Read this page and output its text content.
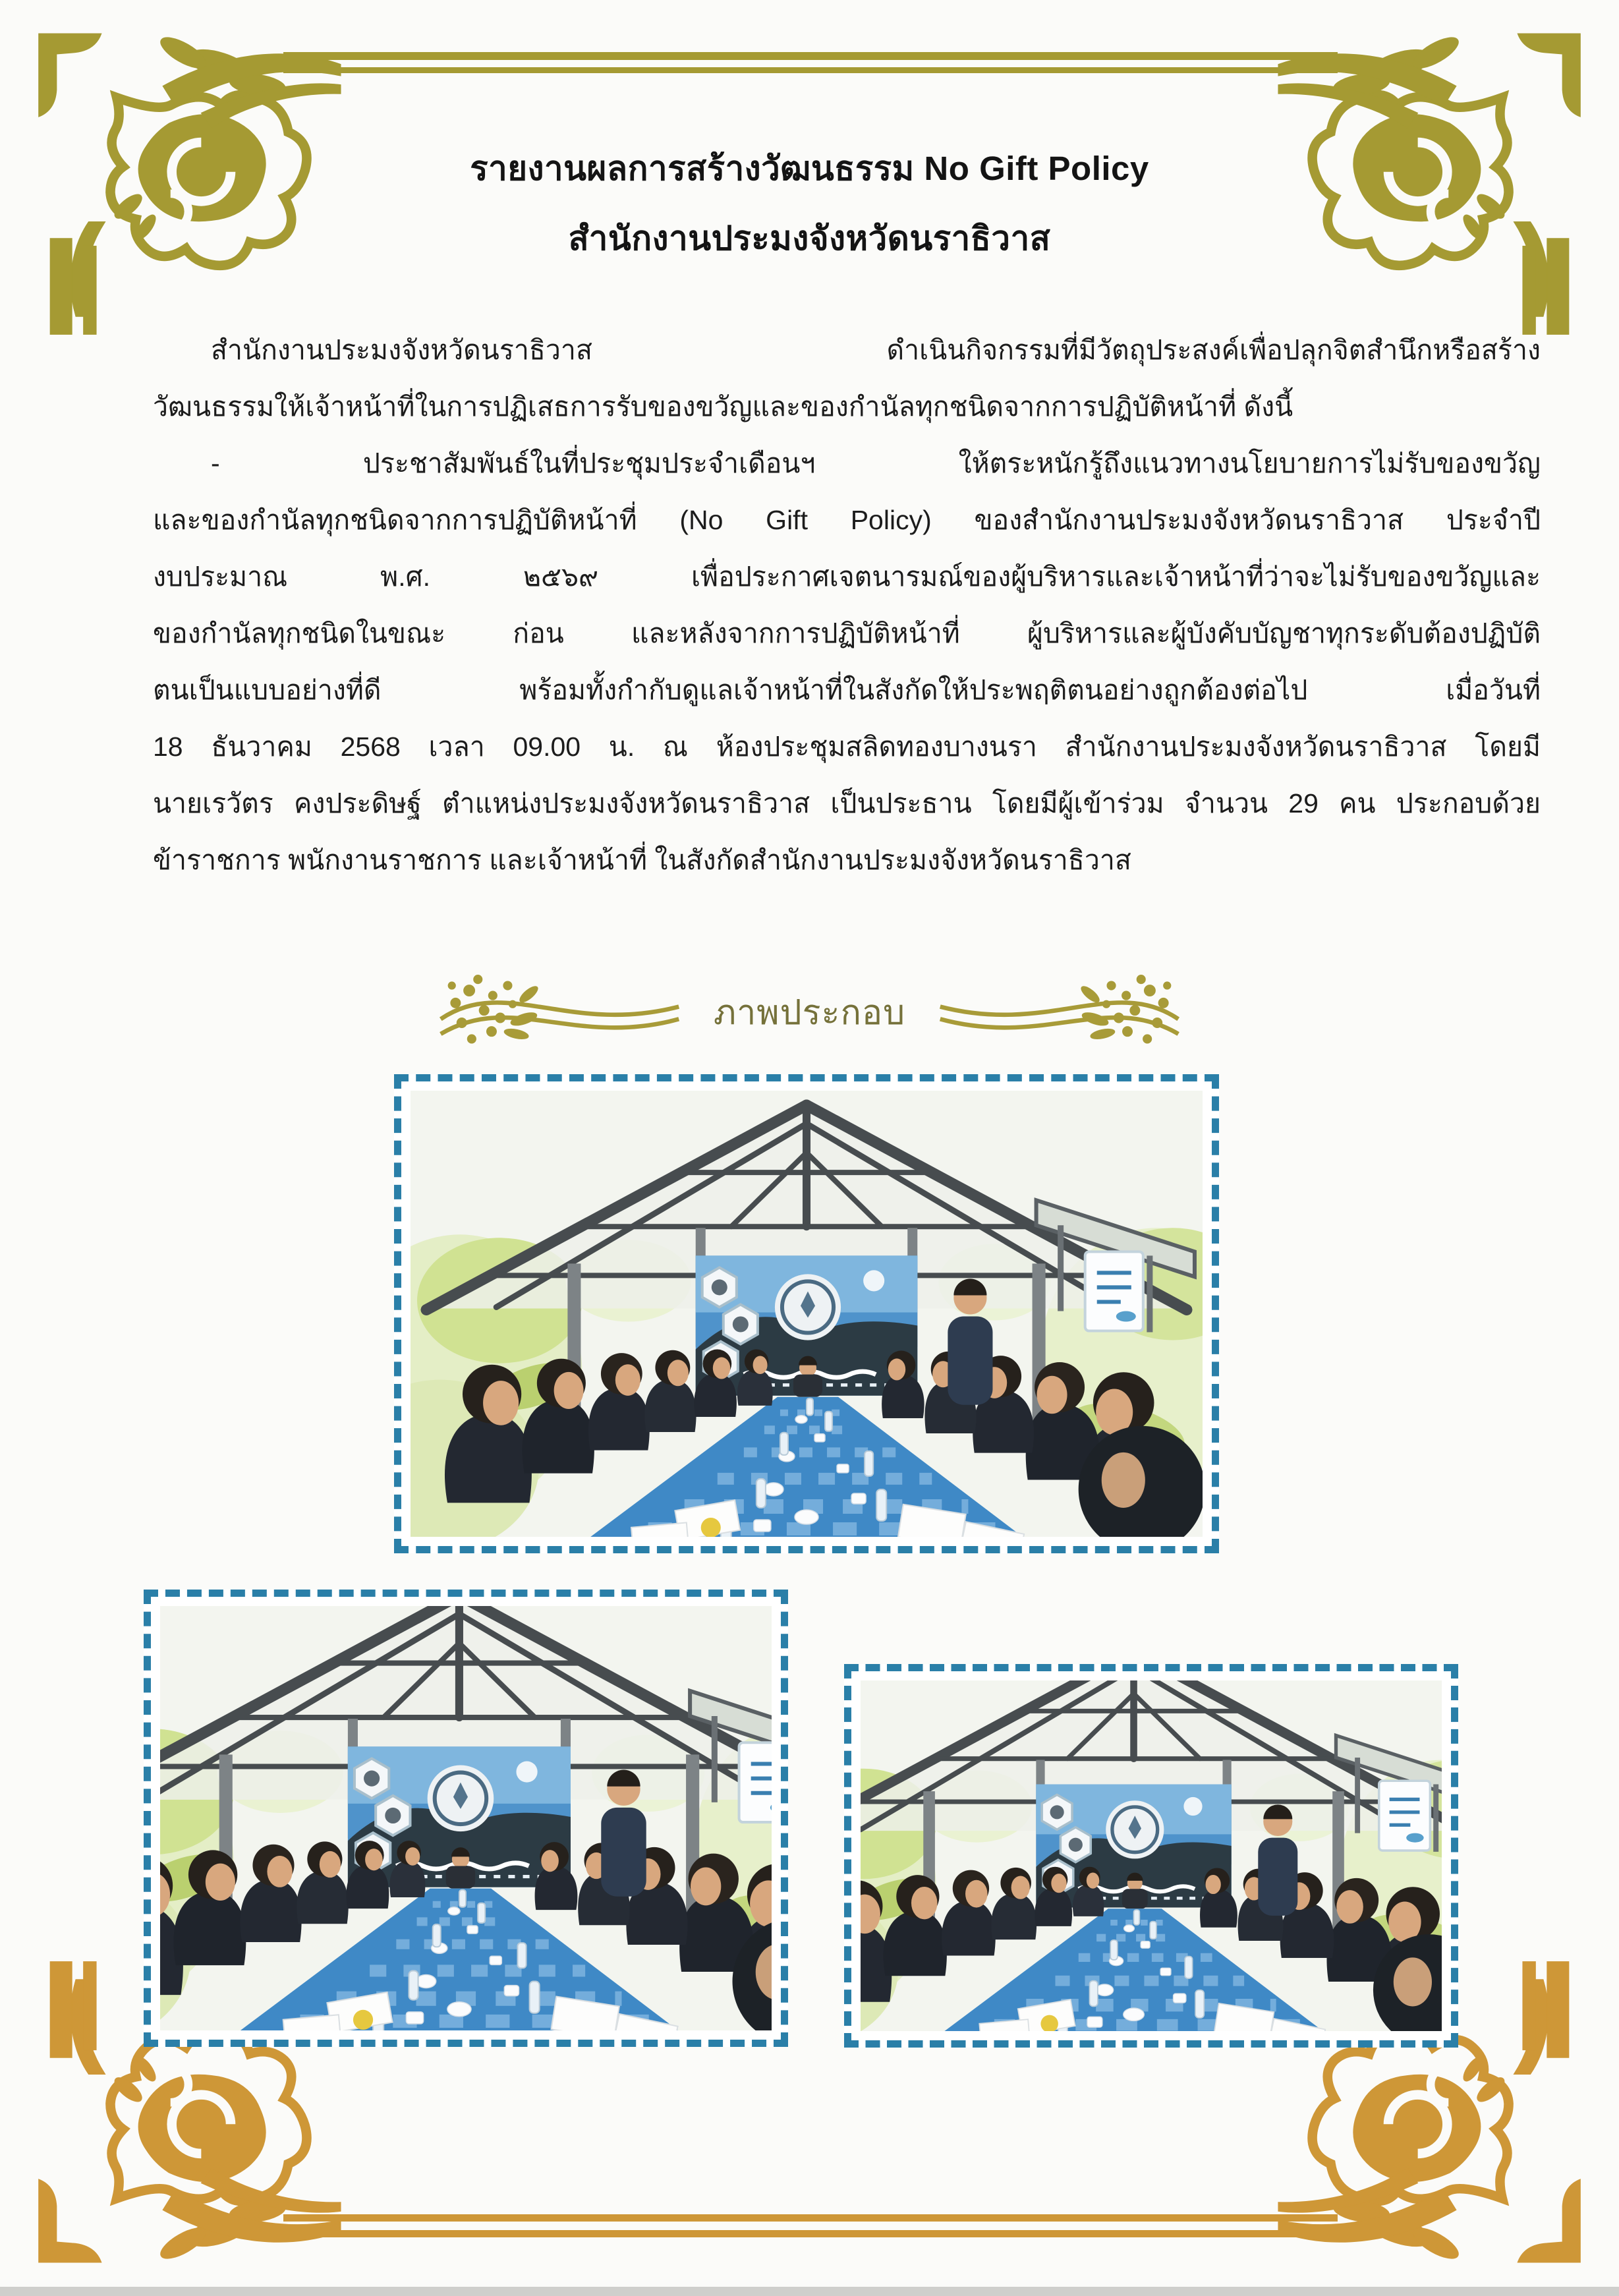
รายงานผลการสร้างวัฒนธรรม No Gift Policy
สำนักงานประมงจังหวัดนราธิวาส
สำนักงานประมงจังหวัดนราธิวาส ดำเนินกิจกรรมที่มีวัตถุประสงค์เพื่อปลุกจิตสำนึกหรือสร้าง
วัฒนธรรมให้เจ้าหน้าที่ในการปฏิเสธการรับของขวัญและของกำนัลทุกชนิดจากการปฏิบัติหน้าที่ ดังนี้
- ประชาสัมพันธ์ในที่ประชุมประจำเดือนฯ ให้ตระหนักรู้ถึงแนวทางนโยบายการไม่รับของขวัญ
และของกำนัลทุกชนิดจากการปฏิบัติหน้าที่ (No Gift Policy) ของสำนักงานประมงจังหวัดนราธิวาส ประจำปี
งบประมาณ พ.ศ. ๒๕๖๙ เพื่อประกาศเจตนารมณ์ของผู้บริหารและเจ้าหน้าที่ว่าจะไม่รับของขวัญและ
ของกำนัลทุกชนิดในขณะ ก่อน และหลังจากการปฏิบัติหน้าที่ ผู้บริหารและผู้บังคับบัญชาทุกระดับต้องปฏิบัติ
ตนเป็นแบบอย่างที่ดี พร้อมทั้งกำกับดูแลเจ้าหน้าที่ในสังกัดให้ประพฤติตนอย่างถูกต้องต่อไป เมื่อวันที่
18 ธันวาคม 2568 เวลา 09.00 น. ณ ห้องประชุมสลิดทองบางนรา สำนักงานประมงจังหวัดนราธิวาส โดยมี
นายเรวัตร คงประดิษฐ์ ตำแหน่งประมงจังหวัดนราธิวาส เป็นประธาน โดยมีผู้เข้าร่วม จำนวน 29 คน ประกอบด้วย
ข้าราชการ พนักงานราชการ และเจ้าหน้าที่ ในสังกัดสำนักงานประมงจังหวัดนราธิวาส
ภาพประกอบ
